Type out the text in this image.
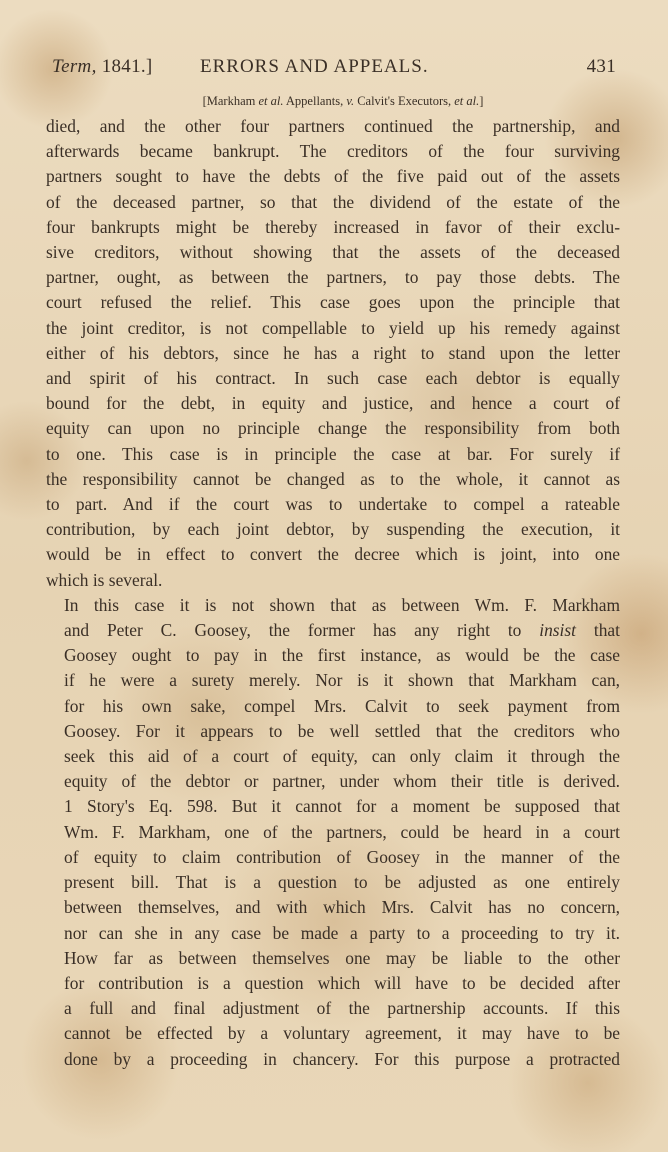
Term, 1841.] ERRORS AND APPEALS.	431
[Markham et al. Appellants, v. Calvit's Executors, et al.]

died, and the other four partners continued the partnership, and
afterwards became bankrupt. The creditors of the four surviving
partners sought to have the debts of the five paid out of the assets
of the deceased partner, so that the dividend of the estate of the
four bankrupts might be thereby increased in favor of their exclu-
sive creditors, without showing that the assets of the deceased
partner, ought, as between the partners, to pay those debts. The
court refused the relief. This case goes upon the principle that
the joint creditor, is not compellable to yield up his remedy against
either of his debtors, since he has a right to stand upon the letter
and spirit of his contract. In such case each debtor is equally
bound for the debt, in equity and justice, and hence a court of
equity can upon no principle change the responsibility from both
to one. This case is in principle the case at bar. For surely if
the responsibility cannot be changed as to the whole, it cannot as
to part. And if the court was to undertake to compel a rateable
contribution, by each joint debtor, by suspending the execution, it
would be in effect to convert the decree which is joint, into one
which is several.

In this case it is not shown that as between Wm. F. Markham
and Peter C. Goosey, the former has any right to insist that
Goosey ought to pay in the first instance, as would be the case
if he were a surety merely. Nor is it shown that Markham can,
for his own sake, compel Mrs. Calvit to seek payment from
Goosey. For it appears to be well settled that the creditors who
seek this aid of a court of equity, can only claim it through the
equity of the debtor or partner, under whom their title is derived.
1 Story's Eq. 598. But it cannot for a moment be supposed that
Wm. F. Markham, one of the partners, could be heard in a court
of equity to claim contribution of Goosey in the manner of the
present bill. That is a question to be adjusted as one entirely
between themselves, and with which Mrs. Calvit has no concern,
nor can she in any case be made a party to a proceeding to try it.
How far as between themselves one may be liable to the other
for contribution is a question which will have to be decided after
a full and final adjustment of the partnership accounts. If this
cannot be effected by a voluntary agreement, it may have to be
done by a proceeding in chancery. For this purpose a protracted
